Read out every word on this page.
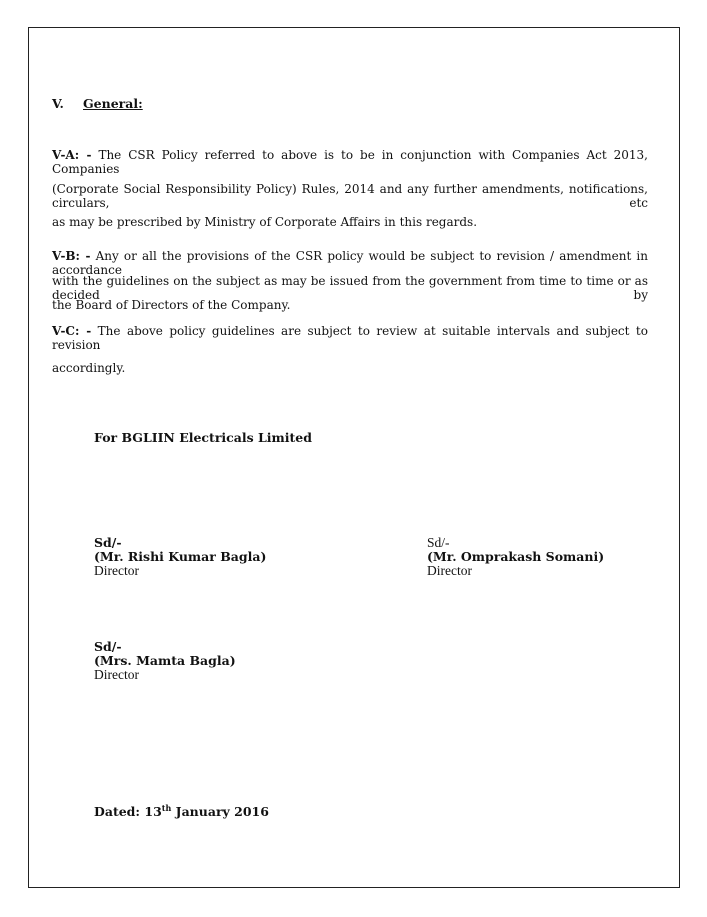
V. General:
V-A: - The CSR Policy referred to above is to be in conjunction with Companies Act 2013, Companies
(Corporate Social Responsibility Policy) Rules, 2014 and any further amendments, notifications, circulars, etc
as may be prescribed by Ministry of Corporate Affairs in this regards.
V-B: - Any or all the provisions of the CSR policy would be subject to revision / amendment in accordance
with the guidelines on the subject as may be issued from the government from time to time or as decided by
the Board of Directors of the Company.
V-C: - The above policy guidelines are subject to review at suitable intervals and subject to revision
accordingly.
For BGLIIN Electricals Limited
Sd/-
(Mr. Rishi Kumar Bagla)
Director
Sd/-
(Mr. Omprakash Somani)
Director
Sd/-
(Mrs. Mamta Bagla)
Director
Dated: 13th January 2016
